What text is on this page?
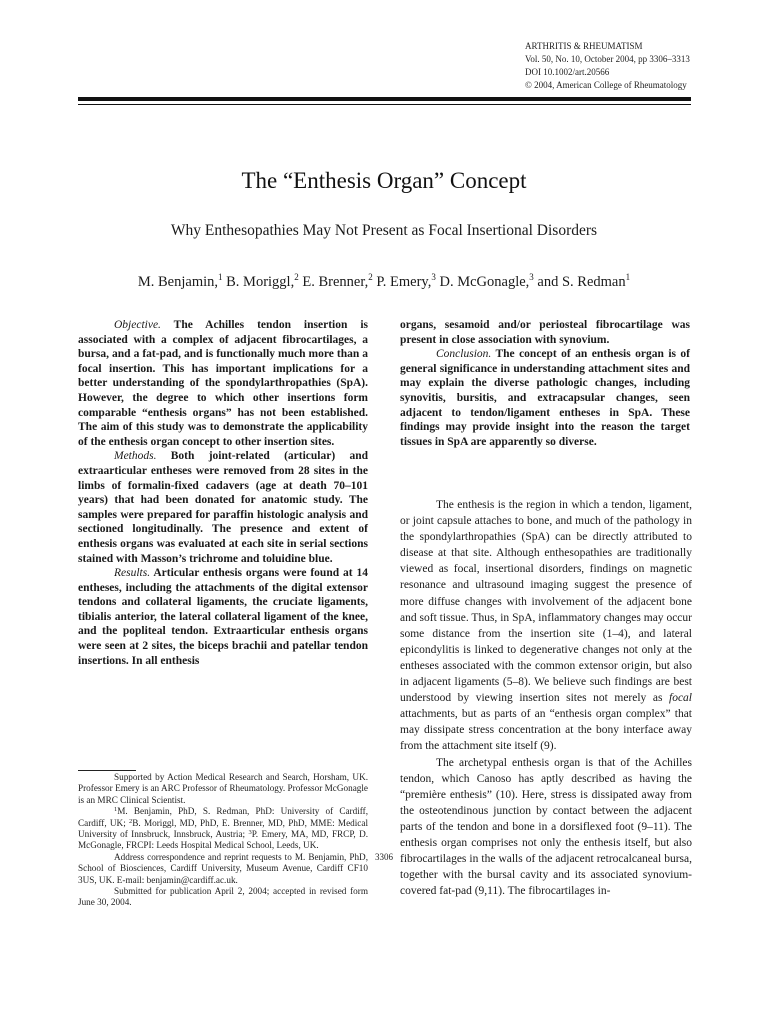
ARTHRITIS & RHEUMATISM
Vol. 50, No. 10, October 2004, pp 3306–3313
DOI 10.1002/art.20566
© 2004, American College of Rheumatology
The “Enthesis Organ” Concept
Why Enthesopathies May Not Present as Focal Insertional Disorders
M. Benjamin,$^1$ B. Moriggl,$^2$ E. Brenner,$^2$ P. Emery,$^3$ D. McGonagle,$^3$ and S. Redman$^1$

Objective. The Achilles tendon insertion is associated with a complex of adjacent fibrocartilages, a bursa, and a fat-pad, and is functionally much more than a focal insertion. This has important implications for a better understanding of the spondylarthropathies (SpA). However, the degree to which other insertions form comparable “enthesis organs” has not been established. The aim of this study was to demonstrate the applicability of the enthesis organ concept to other insertion sites.

Methods. Both joint-related (articular) and extraarticular entheses were removed from 28 sites in the limbs of formalin-fixed cadavers (age at death 70–101 years) that had been donated for anatomic study. The samples were prepared for paraffin histologic analysis and sectioned longitudinally. The presence and extent of enthesis organs was evaluated at each site in serial sections stained with Masson’s trichrome and toluidine blue.

Results. Articular enthesis organs were found at 14 entheses, including the attachments of the digital extensor tendons and collateral ligaments, the cruciate ligaments, tibialis anterior, the lateral collateral ligament of the knee, and the popliteal tendon. Extraarticular enthesis organs were seen at 2 sites, the biceps brachii and patellar tendon insertions. In all enthesis

organs, sesamoid and/or periosteal fibrocartilage was present in close association with synovium.

Conclusion. The concept of an enthesis organ is of general significance in understanding attachment sites and may explain the diverse pathologic changes, including synovitis, bursitis, and extracapsular changes, seen adjacent to tendon/ligament entheses in SpA. These findings may provide insight into the reason the target tissues in SpA are apparently so diverse.

The enthesis is the region in which a tendon, ligament, or joint capsule attaches to bone, and much of the pathology in the spondylarthropathies (SpA) can be directly attributed to disease at that site. Although enthesopathies are traditionally viewed as focal, insertional disorders, findings on magnetic resonance and ultrasound imaging suggest the presence of more diffuse changes with involvement of the adjacent bone and soft tissue. Thus, in SpA, inflammatory changes may occur some distance from the insertion site (1–4), and lateral epicondylitis is linked to degenerative changes not only at the entheses associated with the common extensor origin, but also in adjacent ligaments (5–8). We believe such findings are best understood by viewing insertion sites not merely as focal attachments, but as parts of an “enthesis organ complex” that may dissipate stress concentration at the bony interface away from the attachment site itself (9).

The archetypal enthesis organ is that of the Achilles tendon, which Canoso has aptly described as having the “première enthesis” (10). Here, stress is dissipated away from the osteotendinous junction by contact between the adjacent parts of the tendon and bone in a dorsiflexed foot (9–11). The enthesis organ comprises not only the enthesis itself, but also fibrocartilages in the walls of the adjacent retrocalcaneal bursa, together with the bursal cavity and its associated synovium-covered fat-pad (9,11). The fibrocartilages in-

Supported by Action Medical Research and Search, Horsham, UK. Professor Emery is an ARC Professor of Rheumatology. Professor McGonagle is an MRC Clinical Scientist.

$^1$M. Benjamin, PhD, S. Redman, PhD: University of Cardiff, Cardiff, UK; $^2$B. Moriggl, MD, PhD, E. Brenner, MD, PhD, MME: Medical University of Innsbruck, Innsbruck, Austria; $^3$P. Emery, MA, MD, FRCP, D. McGonagle, FRCPI: Leeds Hospital Medical School, Leeds, UK.

Address correspondence and reprint requests to M. Benjamin, PhD, School of Biosciences, Cardiff University, Museum Avenue, Cardiff CF10 3US, UK. E-mail: benjamin@cardiff.ac.uk.

Submitted for publication April 2, 2004; accepted in revised form June 30, 2004.

3306
